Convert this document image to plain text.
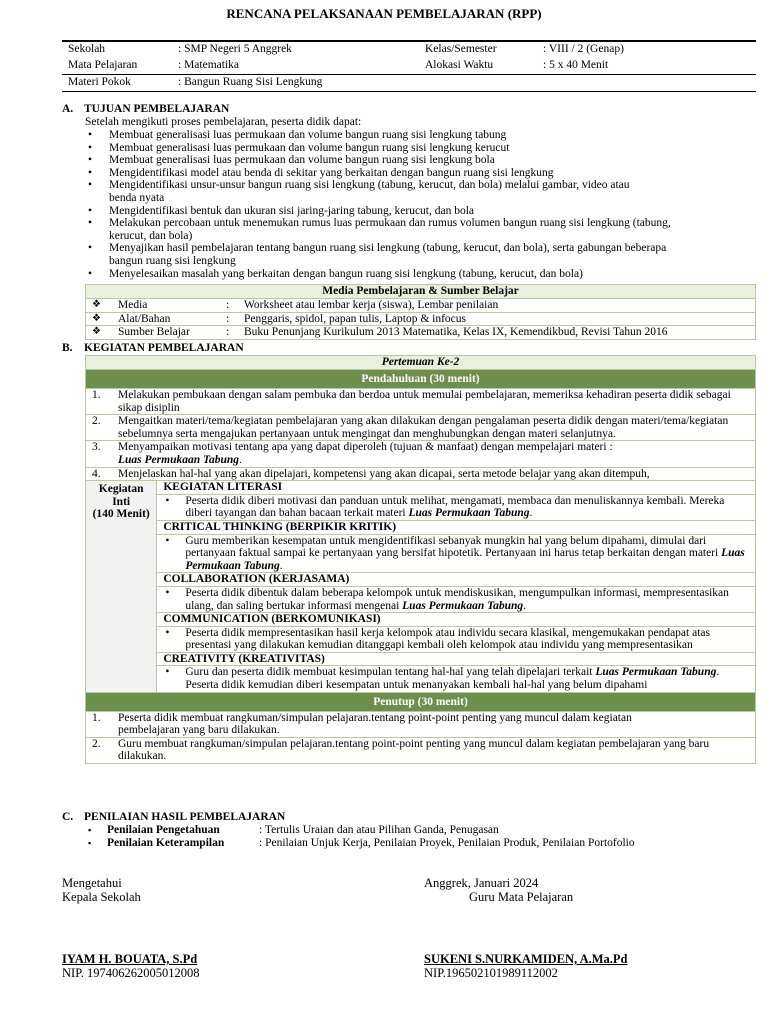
RENCANA PELAKSANAAN PEMBELAJARAN (RPP)
Sekolah	: SMP Negeri 5 Anggrek	Kelas/Semester	: VIII / 2 (Genap)
Mata Pelajaran	: Matematika	Alokasi Waktu	: 5 x 40 Menit
Materi Pokok	: Bangun Ruang Sisi Lengkung		
A. TUJUAN PEMBELAJARAN
Setelah mengikuti proses pembelajaran, peserta didik dapat:
• Membuat generalisasi luas permukaan dan volume bangun ruang sisi lengkung tabung
• Membuat generalisasi luas permukaan dan volume bangun ruang sisi lengkung kerucut
• Membuat generalisasi luas permukaan dan volume bangun ruang sisi lengkung bola
• Mengidentifikasi model atau benda di sekitar yang berkaitan dengan bangun ruang sisi lengkung
• Mengidentifikasi unsur-unsur bangun ruang sisi lengkung (tabung, kerucut, dan bola) melalui gambar, video atau benda nyata
• Mengidentifikasi bentuk dan ukuran sisi jaring-jaring tabung, kerucut, dan bola
• Melakukan percobaan untuk menemukan rumus luas permukaan dan rumus volumen bangun ruang sisi lengkung (tabung, kerucut, dan bola)
• Menyajikan hasil pembelajaran tentang bangun ruang sisi lengkung (tabung, kerucut, dan bola), serta gabungan beberapa bangun ruang sisi lengkung
• Menyelesaikan masalah yang berkaitan dengan bangun ruang sisi lengkung (tabung, kerucut, dan bola)
Media Pembelajaran & Sumber Belajar			
❖	Media	:	Worksheet atau lembar kerja (siswa), Lembar penilaian
❖	Alat/Bahan	:	Penggaris, spidol, papan tulis, Laptop & infocus
❖	Sumber Belajar	:	Buku Penunjang Kurikulum 2013 Matematika, Kelas IX, Kemendikbud, Revisi Tahun 2016
B. KEGIATAN PEMBELAJARAN
Pertemuan Ke-2		
Pendahuluan (30 menit)		
1.	Melakukan pembukaan dengan salam pembuka dan berdoa untuk memulai pembelajaran, memeriksa kehadiran peserta didik sebagai sikap disiplin	
2.	Mengaitkan materi/tema/kegiatan pembelajaran yang akan dilakukan dengan pengalaman peserta didik dengan materi/tema/kegiatan sebelumnya serta mengajukan pertanyaan untuk mengingat dan menghubungkan dengan materi selanjutnya.	
3.	Menyampaikan motivasi tentang apa yang dapat diperoleh (tujuan & manfaat) dengan mempelajari materi :
Luas Permukaan Tabung.	
4.	Menjelaskan hal-hal yang akan dipelajari, kompetensi yang akan dicapai, serta metode belajar yang akan ditempuh,	

Kegiatan Inti
(140 Menit)		KEGIATAN LITERASI

		• Peserta didik diberi motivasi dan panduan untuk melihat, mengamati, membaca dan menuliskannya kembali. Mereka diberi tayangan dan bahan bacaan terkait materi Luas Permukaan Tabung.
		CRITICAL THINKING (BERPIKIR KRITIK)

		• Guru memberikan kesempatan untuk mengidentifikasi sebanyak mungkin hal yang belum dipahami, dimulai dari pertanyaan faktual sampai ke pertanyaan yang bersifat hipotetik. Pertanyaan ini harus tetap berkaitan dengan materi Luas Permukaan Tabung.
		COLLABORATION (KERJASAMA)

		• Peserta didik dibentuk dalam beberapa kelompok untuk mendiskusikan, mengumpulkan informasi, mempresentasikan ulang, dan saling bertukar informasi mengenai Luas Permukaan Tabung.
		COMMUNICATION (BERKOMUNIKASI)

		• Peserta didik mempresentasikan hasil kerja kelompok atau individu secara klasikal, mengemukakan pendapat atas presentasi yang dilakukan kemudian ditanggapi kembali oleh kelompok atau individu yang mempresentasikan
		CREATIVITY (KREATIVITAS)

		• Guru dan peserta didik membuat kesimpulan tentang hal-hal yang telah dipelajari terkait Luas Permukaan Tabung. Peserta didik kemudian diberi kesempatan untuk menanyakan kembali hal-hal yang belum dipahami
Penutup (30 menit)		
1.	Peserta didik membuat rangkuman/simpulan pelajaran.tentang point-point penting yang muncul dalam kegiatan pembelajaran yang baru dilakukan.	
2.	Guru membuat rangkuman/simpulan pelajaran.tentang point-point penting yang muncul dalam kegiatan pembelajaran yang baru dilakukan.	
C. PENILAIAN HASIL PEMBELAJARAN
▪ Penilaian Pengetahuan	: Tertulis Uraian dan atau Pilihan Ganda, Penugasan
▪ Penilaian Keterampilan	: Penilaian Unjuk Kerja, Penilaian Proyek, Penilaian Produk, Penilaian Portofolio
Mengetahui
Kepala Sekolah
Anggrek, Januari 2024
Guru Mata Pelajaran
IYAM H. BOUATA, S.Pd
NIP. 197406262005012008
SUKENI S.NURKAMIDEN, A.Ma.Pd
NIP.196502101989112002
